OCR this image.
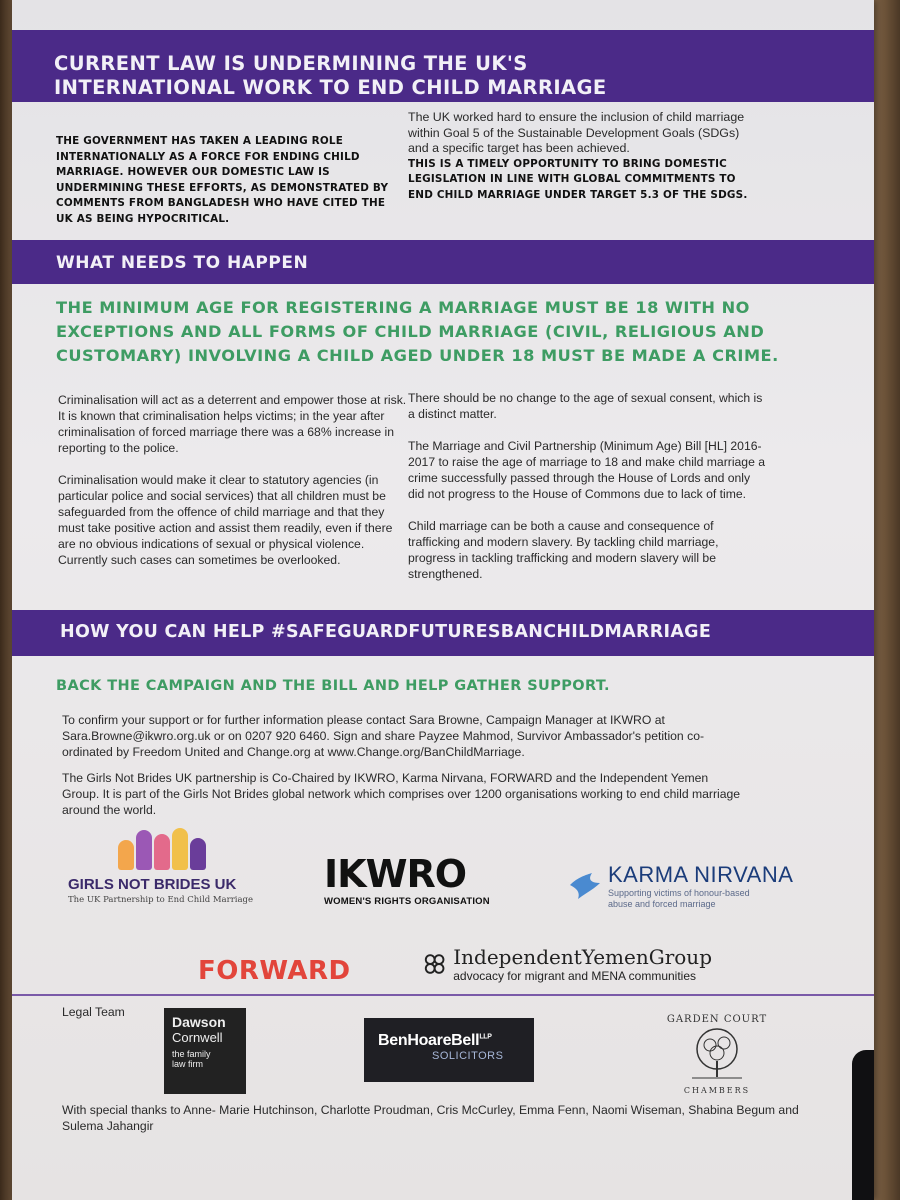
CURRENT LAW IS UNDERMINING THE UK'S
INTERNATIONAL WORK TO END CHILD MARRIAGE
THE GOVERNMENT HAS TAKEN A LEADING ROLE INTERNATIONALLY AS A FORCE FOR ENDING CHILD MARRIAGE. HOWEVER OUR DOMESTIC LAW IS UNDERMINING THESE EFFORTS, AS DEMONSTRATED BY COMMENTS FROM BANGLADESH WHO HAVE CITED THE UK AS BEING HYPOCRITICAL.
The UK worked hard to ensure the inclusion of child marriage within Goal 5 of the Sustainable Development Goals (SDGs) and a specific target has been achieved.
THIS IS A TIMELY OPPORTUNITY TO BRING DOMESTIC LEGISLATION IN LINE WITH GLOBAL COMMITMENTS TO END CHILD MARRIAGE UNDER TARGET 5.3 OF THE SDGS.
WHAT NEEDS TO HAPPEN
THE MINIMUM AGE FOR REGISTERING A MARRIAGE MUST BE 18 WITH NO EXCEPTIONS AND ALL FORMS OF CHILD MARRIAGE (CIVIL, RELIGIOUS AND CUSTOMARY) INVOLVING A CHILD AGED UNDER 18 MUST BE MADE A CRIME.

Criminalisation will act as a deterrent and empower those at risk. It is known that criminalisation helps victims; in the year after criminalisation of forced marriage there was a 68% increase in reporting to the police.

Criminalisation would make it clear to statutory agencies (in particular police and social services) that all children must be safeguarded from the offence of child marriage and that they must take positive action and assist them readily, even if there are no obvious indications of sexual or physical violence. Currently such cases can sometimes be overlooked.

There should be no change to the age of sexual consent, which is a distinct matter.

The Marriage and Civil Partnership (Minimum Age) Bill [HL] 2016-2017 to raise the age of marriage to 18 and make child marriage a crime successfully passed through the House of Lords and only did not progress to the House of Commons due to lack of time.

Child marriage can be both a cause and consequence of trafficking and modern slavery. By tackling child marriage, progress in tackling trafficking and modern slavery will be strengthened.

HOW YOU CAN HELP #SAFEGUARDFUTURESBANCHILDMARRIAGE
BACK THE CAMPAIGN AND THE BILL AND HELP GATHER SUPPORT.
To confirm your support or for further information please contact Sara Browne, Campaign Manager at IKWRO at Sara.Browne@ikwro.org.uk or on 0207 920 6460. Sign and share Payzee Mahmod, Survivor Ambassador's petition co-ordinated by Freedom United and Change.org at www.Change.org/BanChildMarriage.
The Girls Not Brides UK partnership is Co-Chaired by IKWRO, Karma Nirvana, FORWARD and the Independent Yemen Group. It is part of the Girls Not Brides global network which comprises over 1200 organisations working to end child marriage around the world.
GIRLS NOT BRIDES UK
The UK Partnership to End Child Marriage
IKWRO
WOMEN'S RIGHTS ORGANISATION
KARMA NIRVANA
Supporting victims of honour-based abuse and forced marriage
FORWARD	IndependentYemenGroup
advocacy for migrant and MENA communities
Legal Team
Dawson
Cornwell
the family law firm
BenHoareBell$^{LLP}$
SOLICITORS
GARDEN COURT
CHAMBERS
With special thanks to Anne- Marie Hutchinson, Charlotte Proudman, Cris McCurley, Emma Fenn, Naomi Wiseman, Shabina Begum and Sulema Jahangir
